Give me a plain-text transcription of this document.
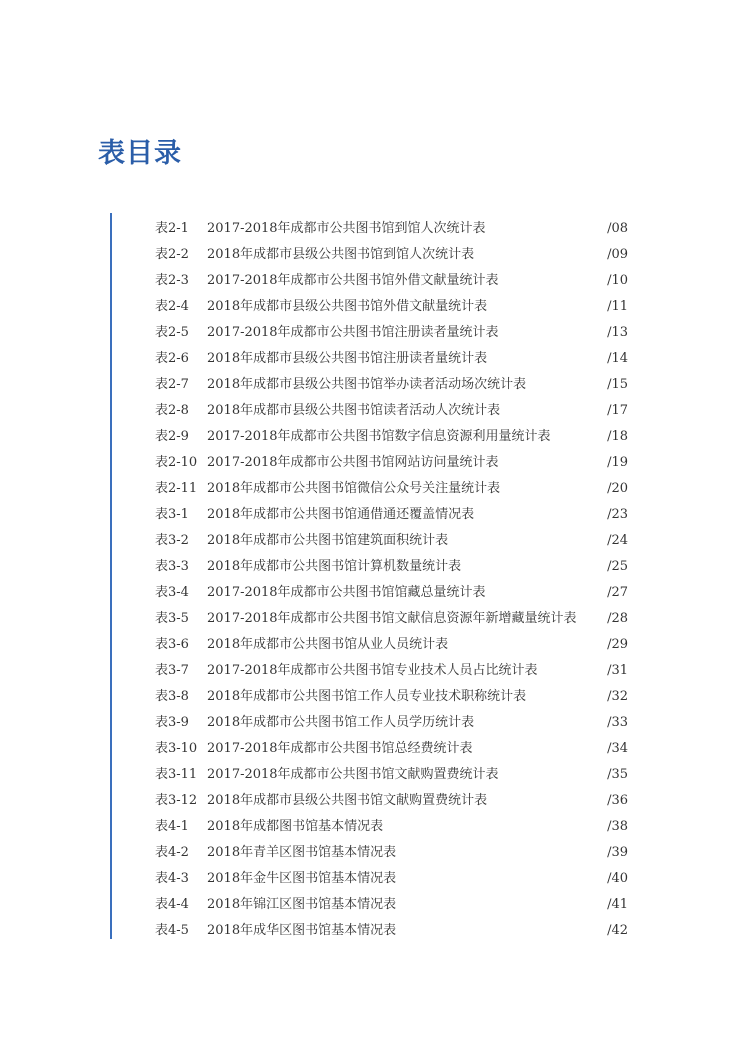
表目录
表2-1 2017-2018年成都市公共图书馆到馆人次统计表	/08
表2-2 2018年成都市县级公共图书馆到馆人次统计表	/09
表2-3 2017-2018年成都市公共图书馆外借文献量统计表	/10
表2-4 2018年成都市县级公共图书馆外借文献量统计表	/11
表2-5 2017-2018年成都市公共图书馆注册读者量统计表	/13
表2-6 2018年成都市县级公共图书馆注册读者量统计表	/14
表2-7 2018年成都市县级公共图书馆举办读者活动场次统计表	/15
表2-8 2018年成都市县级公共图书馆读者活动人次统计表	/17
表2-9 2017-2018年成都市公共图书馆数字信息资源利用量统计表	/18
表2-10 2017-2018年成都市公共图书馆网站访问量统计表	/19
表2-11 2018年成都市公共图书馆微信公众号关注量统计表	/20
表3-1 2018年成都市公共图书馆通借通还覆盖情况表	/23
表3-2 2018年成都市公共图书馆建筑面积统计表	/24
表3-3 2018年成都市公共图书馆计算机数量统计表	/25
表3-4 2017-2018年成都市公共图书馆馆藏总量统计表	/27
表3-5 2017-2018年成都市公共图书馆文献信息资源年新增藏量统计表 /28
表3-6 2018年成都市公共图书馆从业人员统计表	/29
表3-7 2017-2018年成都市公共图书馆专业技术人员占比统计表	/31
表3-8 2018年成都市公共图书馆工作人员专业技术职称统计表	/32
表3-9 2018年成都市公共图书馆工作人员学历统计表	/33
表3-10 2017-2018年成都市公共图书馆总经费统计表	/34
表3-11 2017-2018年成都市公共图书馆文献购置费统计表	/35
表3-12 2018年成都市县级公共图书馆文献购置费统计表	/36
表4-1 2018年成都图书馆基本情况表	/38
表4-2 2018年青羊区图书馆基本情况表	/39
表4-3 2018年金牛区图书馆基本情况表	/40
表4-4 2018年锦江区图书馆基本情况表	/41
表4-5 2018年成华区图书馆基本情况表	/42
